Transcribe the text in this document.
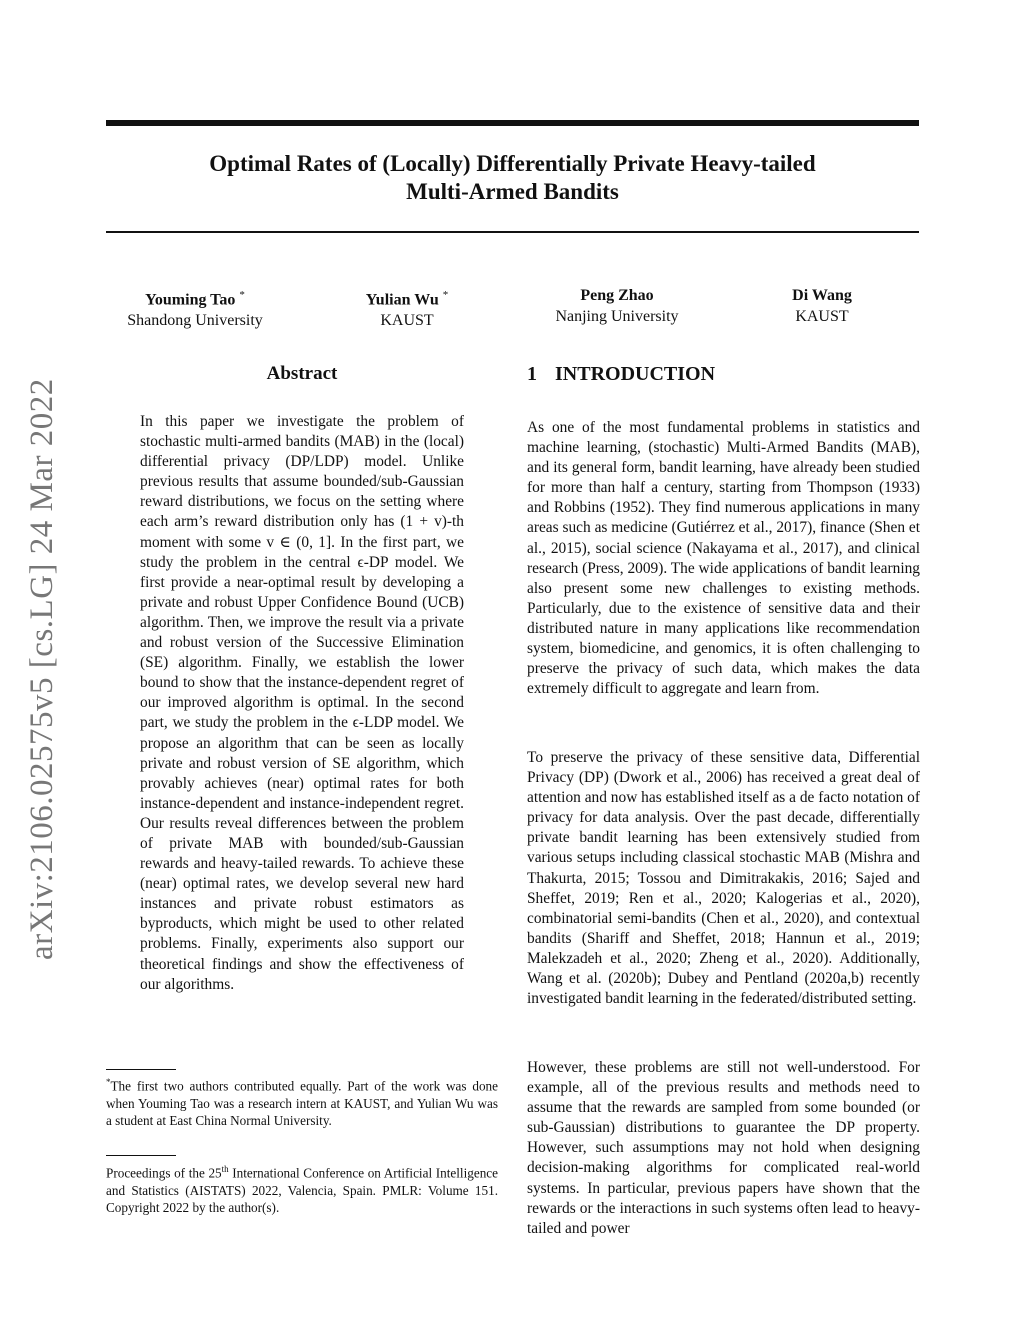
Optimal Rates of (Locally) Differentially Private Heavy-tailed
Multi-Armed Bandits
Youming Tao *
Shandong University
Yulian Wu *
KAUST
Peng Zhao
Nanjing University
Di Wang
KAUST
arXiv:2106.02575v5 [cs.LG] 24 Mar 2022
Abstract

In this paper we investigate the problem of stochastic multi-armed bandits (MAB) in the (local) differential privacy (DP/LDP) model. Unlike previous results that assume bounded/sub-Gaussian reward distributions, we focus on the setting where each arm’s reward distribution only has (1 + v)-th moment with some v ∈ (0, 1]. In the first part, we study the problem in the central ϵ-DP model. We first provide a near-optimal result by developing a private and robust Upper Confidence Bound (UCB) algorithm. Then, we improve the result via a private and robust version of the Successive Elimination (SE) algorithm. Finally, we establish the lower bound to show that the instance-dependent regret of our improved algorithm is optimal. In the second part, we study the problem in the ϵ-LDP model. We propose an algorithm that can be seen as locally private and robust version of SE algorithm, which provably achieves (near) optimal rates for both instance-dependent and instance-independent regret. Our results reveal differences between the problem of private MAB with bounded/sub-Gaussian rewards and heavy-tailed rewards. To achieve these (near) optimal rates, we develop several new hard instances and private robust estimators as byproducts, which might be used to other related problems. Finally, experiments also support our theoretical findings and show the effectiveness of our algorithms.

*The first two authors contributed equally. Part of the work was done when Youming Tao was a research intern at KAUST, and Yulian Wu was a student at East China Normal University.

Proceedings of the 25th International Conference on Artificial Intelligence and Statistics (AISTATS) 2022, Valencia, Spain. PMLR: Volume 151. Copyright 2022 by the author(s).

1 INTRODUCTION

As one of the most fundamental problems in statistics and machine learning, (stochastic) Multi-Armed Bandits (MAB), and its general form, bandit learning, have already been studied for more than half a century, starting from Thompson (1933) and Robbins (1952). They find numerous applications in many areas such as medicine (Gutiérrez et al., 2017), finance (Shen et al., 2015), social science (Nakayama et al., 2017), and clinical research (Press, 2009). The wide applications of bandit learning also present some new challenges to existing methods. Particularly, due to the existence of sensitive data and their distributed nature in many applications like recommendation system, biomedicine, and genomics, it is often challenging to preserve the privacy of such data, which makes the data extremely difficult to aggregate and learn from.

To preserve the privacy of these sensitive data, Differential Privacy (DP) (Dwork et al., 2006) has received a great deal of attention and now has established itself as a de facto notation of privacy for data analysis. Over the past decade, differentially private bandit learning has been extensively studied from various setups including classical stochastic MAB (Mishra and Thakurta, 2015; Tossou and Dimitrakakis, 2016; Sajed and Sheffet, 2019; Ren et al., 2020; Kalogerias et al., 2020), combinatorial semi-bandits (Chen et al., 2020), and contextual bandits (Shariff and Sheffet, 2018; Hannun et al., 2019; Malekzadeh et al., 2020; Zheng et al., 2020). Additionally, Wang et al. (2020b); Dubey and Pentland (2020a,b) recently investigated bandit learning in the federated/distributed setting.

However, these problems are still not well-understood. For example, all of the previous results and methods need to assume that the rewards are sampled from some bounded (or sub-Gaussian) distributions to guarantee the DP property. However, such assumptions may not hold when designing decision-making algorithms for complicated real-world systems. In particular, previous papers have shown that the rewards or the interactions in such systems often lead to heavy-tailed and power
